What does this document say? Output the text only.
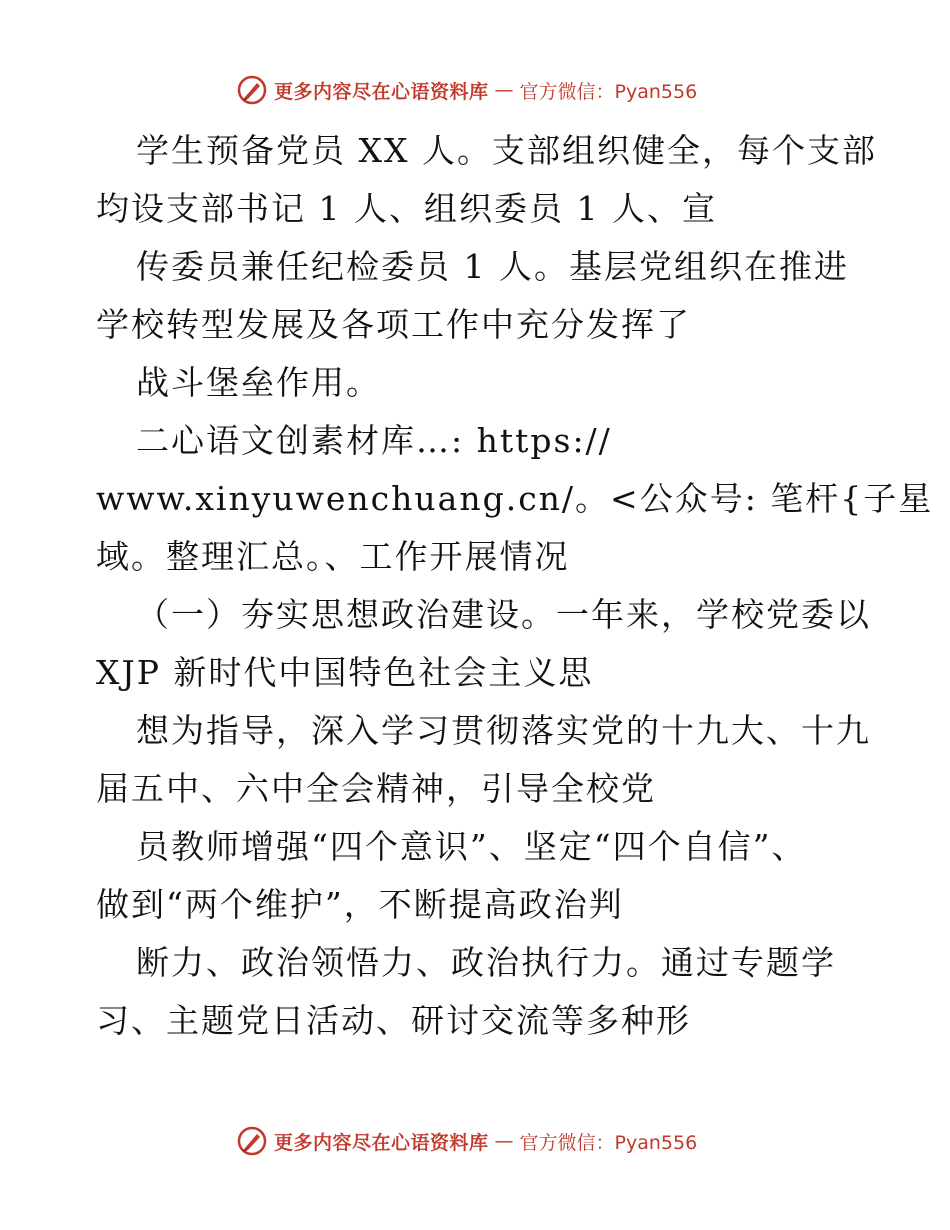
更多内容尽在心语资料库 — 官方微信：Pyan556
学生预备党员 XX 人。支部组织健全，每个支部
均设支部书记 1 人、组织委员 1 人、宣
传委员兼任纪检委员 1 人。基层党组织在推进
学校转型发展及各项工作中充分发挥了
战斗堡垒作用。
二心语文创素材库…: https://
www.xinyuwenchuang.cn/。<公众号: 笔杆{子星
域。整理汇总。、工作开展情况
（一）夯实思想政治建设。一年来，学校党委以
XJP 新时代中国特色社会主义思
想为指导，深入学习贯彻落实党的十九大、十九
届五中、六中全会精神，引导全校党
员教师增强“四个意识”、坚定“四个自信”、
做到“两个维护”，不断提高政治判
断力、政治领悟力、政治执行力。通过专题学
习、主题党日活动、研讨交流等多种形
更多内容尽在心语资料库 — 官方微信：Pyan556
